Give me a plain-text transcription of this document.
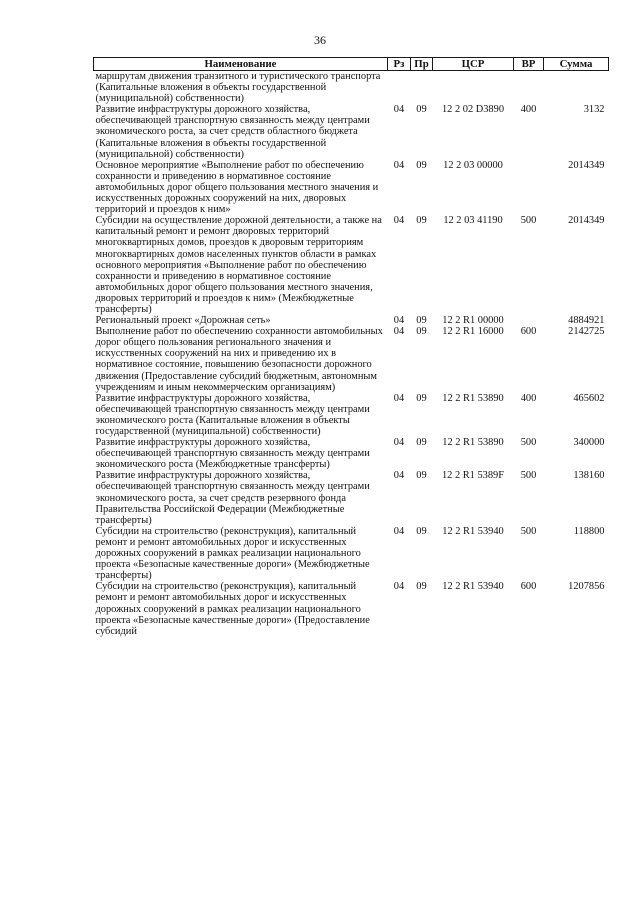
36
Наименование	Рз	Пр	ЦСР	ВР	Сумма
маршрутам движения транзитного и туристического транспорта (Капитальные вложения в объекты государственной (муниципальной) собственности)					
Развитие инфраструктуры дорожного хозяйства, обеспечивающей транспортную связанность между центрами экономического роста, за счет средств областного бюджета (Капитальные вложения в объекты государственной (муниципальной) собственности)	04	09	12 2 02 D3890	400	3132
Основное мероприятие «Выполнение работ по обеспечению сохранности и приведению в нормативное состояние автомобильных дорог общего пользования местного значения и искусственных дорожных сооружений на них, дворовых территорий и проездов к ним»	04	09	12 2 03 00000		2014349
Субсидии на осуществление дорожной деятельности, а также на капитальный ремонт и ремонт дворовых территорий многоквартирных домов, проездов к дворовым территориям многоквартирных домов населенных пунктов области в рамках основного мероприятия «Выполнение работ по обеспечению сохранности и приведению в нормативное состояние автомобильных дорог общего пользования местного значения, дворовых территорий и проездов к ним» (Межбюджетные трансферты)	04	09	12 2 03 41190	500	2014349
Региональный проект «Дорожная сеть»	04	09	12 2 R1 00000		4884921
Выполнение работ по обеспечению сохранности автомобильных дорог общего пользования регионального значения и искусственных сооружений на них и приведению их в нормативное состояние, повышению безопасности дорожного движения (Предоставление субсидий бюджетным, автономным учреждениям и иным некоммерческим организациям)	04	09	12 2 R1 16000	600	2142725
Развитие инфраструктуры дорожного хозяйства, обеспечивающей транспортную связанность между центрами экономического роста (Капитальные вложения в объекты государственной (муниципальной) собственности)	04	09	12 2 R1 53890	400	465602
Развитие инфраструктуры дорожного хозяйства, обеспечивающей транспортную связанность между центрами экономического роста (Межбюджетные трансферты)	04	09	12 2 R1 53890	500	340000
Развитие инфраструктуры дорожного хозяйства, обеспечивающей транспортную связанность между центрами экономического роста, за счет средств резервного фонда Правительства Российской Федерации (Межбюджетные трансферты)	04	09	12 2 R1 5389F	500	138160
Субсидии на строительство (реконструкция), капитальный ремонт и ремонт автомобильных дорог и искусственных дорожных сооружений в рамках реализации национального проекта «Безопасные качественные дороги» (Межбюджетные трансферты)	04	09	12 2 R1 53940	500	118800
Субсидии на строительство (реконструкция), капитальный ремонт и ремонт автомобильных дорог и искусственных дорожных сооружений в рамках реализации национального проекта «Безопасные качественные дороги» (Предоставление субсидий	04	09	12 2 R1 53940	600	1207856
